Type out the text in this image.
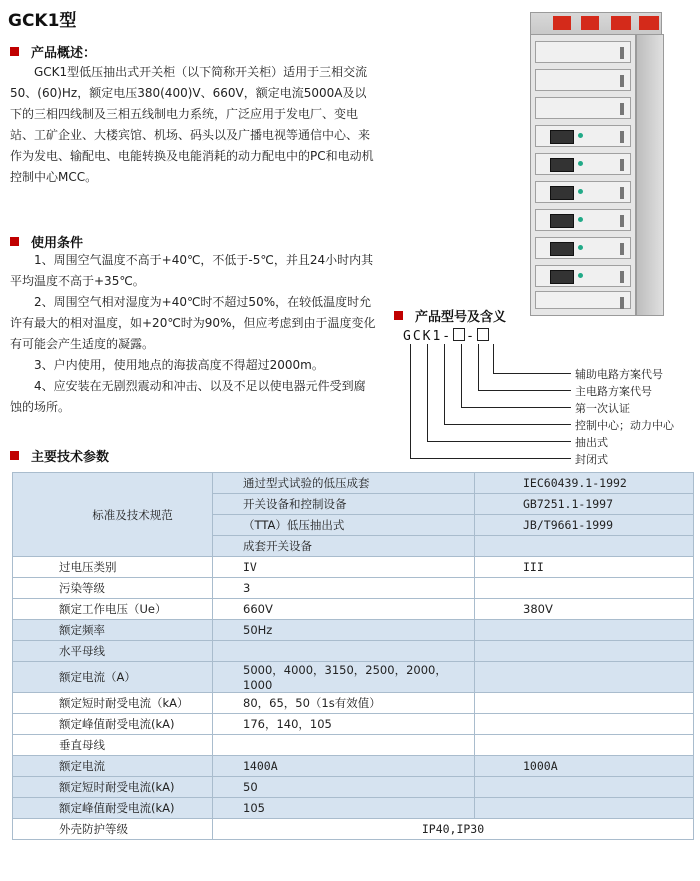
GCK1型
产品概述：

GCK1型低压抽出式开关柜（以下简称开关柜）适用于三相交流50、(60)Hz，额定电压380(400)V、660V，额定电流5000A及以下的三相四线制及三相五线制电力系统，广泛应用于发电厂、变电站、工矿企业、大楼宾馆、机场、码头以及广播电视等通信中心、来作为发电、输配电、电能转换及电能消耗的动力配电中的PC和电动机控制中心MCC。

使用条件

1、周围空气温度不高于+40℃，不低于-5℃，并且24小时内其平均温度不高于+35℃。

2、周围空气相对湿度为+40℃时不超过50%，在较低温度时允许有最大的相对温度，如+20℃时为90%，但应考虑到由于温度变化有可能会产生适度的凝露。

3、户内使用，使用地点的海拔高度不得超过2000m。

4、应安装在无剧烈震动和冲击、以及不足以使电器元件受到腐蚀的场所。

产品型号及含义
GCK1- -
辅助电路方案代号
主电路方案代号
第一次认证
控制中心；动力中心
抽出式
封闭式
主要技术参数
标准及技术规范	通过型式试验的低压成套	IEC60439.1-1992
	开关设备和控制设备	GB7251.1-1997
	（TTA）低压抽出式	JB/T9661-1999
	成套开关设备	
过电压类别	IV	III
污染等级	3	
额定工作电压（Ue）	660V	380V
额定频率	50Hz	
水平母线		
额定电流（A）	5000，4000，3150，2500，2000，1000	
额定短时耐受电流（kA）	80，65，50（1s有效值）	
额定峰值耐受电流(kA)	176，140，105	
垂直母线		
额定电流	1400A	1000A
额定短时耐受电流(kA)	50	
额定峰值耐受电流(kA)	105	
外壳防护等级	IP40,IP30	
